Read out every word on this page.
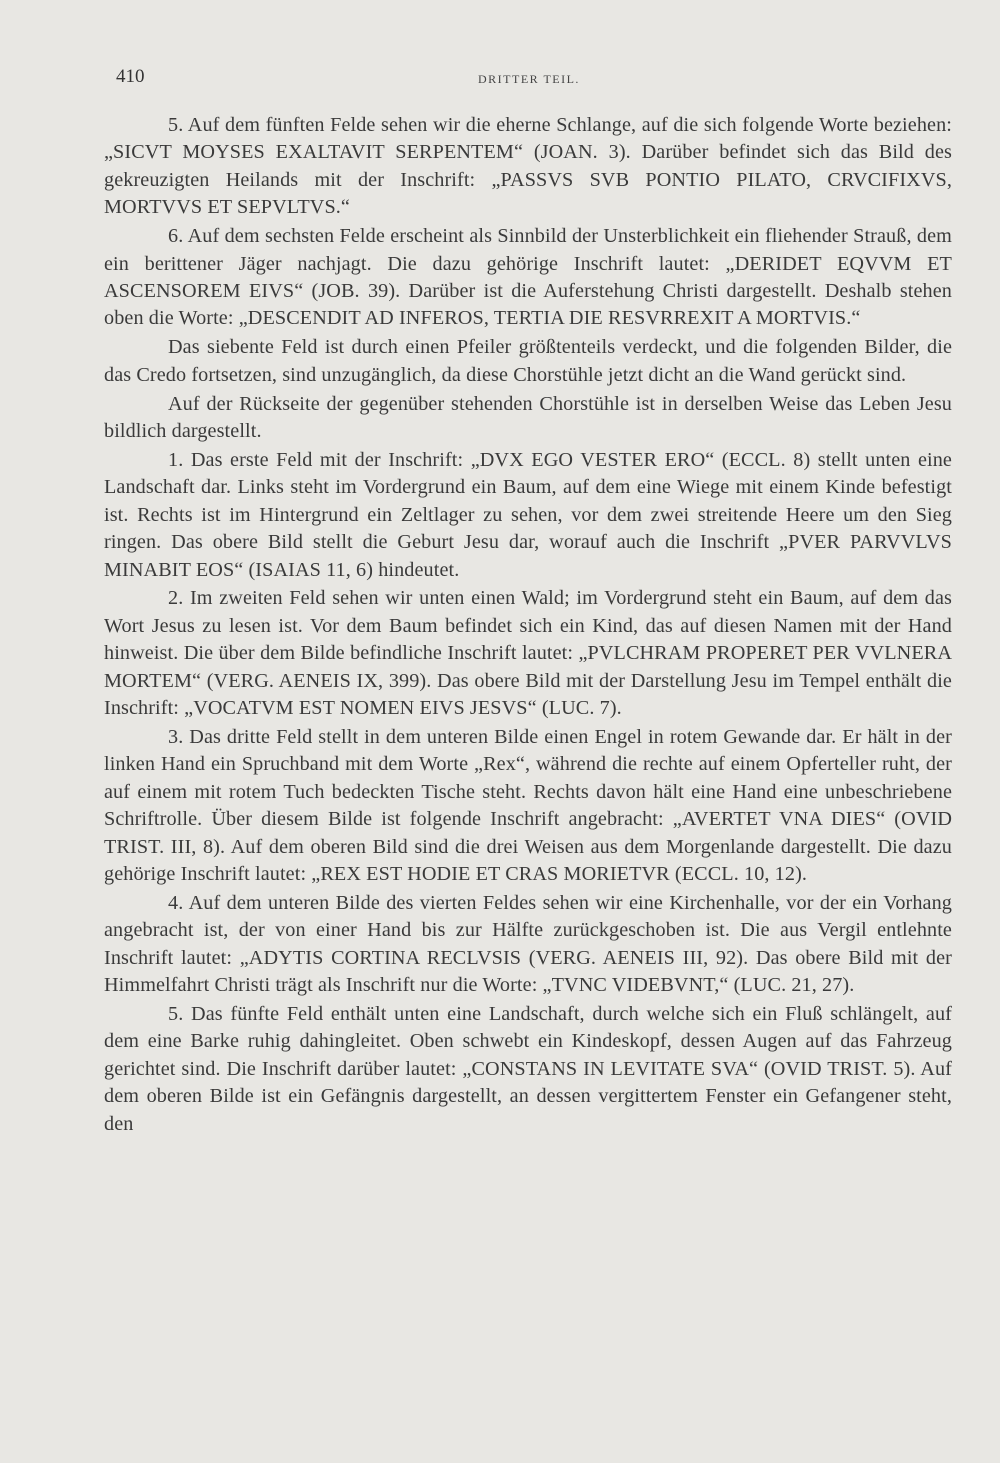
410	DRITTER TEIL.

5. Auf dem fünften Felde sehen wir die eherne Schlange, auf die sich folgende Worte beziehen: „SICVT MOYSES EXALTAVIT SERPENTEM“ (JOAN. 3). Darüber befindet sich das Bild des gekreuzigten Heilands mit der Inschrift: „PASSVS SVB PONTIO PILATO, CRVCIFIXVS, MORTVVS ET SEPVLTVS.“

6. Auf dem sechsten Felde erscheint als Sinnbild der Unsterblichkeit ein fliehender Strauß, dem ein berittener Jäger nachjagt. Die dazu gehörige Inschrift lautet: „DERIDET EQVVM ET ASCENSOREM EIVS“ (JOB. 39). Darüber ist die Auferstehung Christi dargestellt. Deshalb stehen oben die Worte: „DESCENDIT AD INFEROS, TERTIA DIE RESVRREXIT A MORTVIS.“

Das siebente Feld ist durch einen Pfeiler größtenteils verdeckt, und die folgenden Bilder, die das Credo fortsetzen, sind unzugänglich, da diese Chorstühle jetzt dicht an die Wand gerückt sind.

Auf der Rückseite der gegenüber stehenden Chorstühle ist in derselben Weise das Leben Jesu bildlich dargestellt.

1. Das erste Feld mit der Inschrift: „DVX EGO VESTER ERO“ (ECCL. 8) stellt unten eine Landschaft dar. Links steht im Vordergrund ein Baum, auf dem eine Wiege mit einem Kinde befestigt ist. Rechts ist im Hintergrund ein Zeltlager zu sehen, vor dem zwei streitende Heere um den Sieg ringen. Das obere Bild stellt die Geburt Jesu dar, worauf auch die Inschrift „PVER PARVVLVS MINABIT EOS“ (ISAIAS 11, 6) hindeutet.

2. Im zweiten Feld sehen wir unten einen Wald; im Vordergrund steht ein Baum, auf dem das Wort Jesus zu lesen ist. Vor dem Baum befindet sich ein Kind, das auf diesen Namen mit der Hand hinweist. Die über dem Bilde befindliche Inschrift lautet: „PVLCHRAM PROPERET PER VVLNERA MORTEM“ (VERG. AENEIS IX, 399). Das obere Bild mit der Darstellung Jesu im Tempel enthält die Inschrift: „VOCATVM EST NOMEN EIVS JESVS“ (LUC. 7).

3. Das dritte Feld stellt in dem unteren Bilde einen Engel in rotem Gewande dar. Er hält in der linken Hand ein Spruchband mit dem Worte „Rex“, während die rechte auf einem Opferteller ruht, der auf einem mit rotem Tuch bedeckten Tische steht. Rechts davon hält eine Hand eine unbeschriebene Schriftrolle. Über diesem Bilde ist folgende Inschrift angebracht: „AVERTET VNA DIES“ (OVID TRIST. III, 8). Auf dem oberen Bild sind die drei Weisen aus dem Morgenlande dargestellt. Die dazu gehörige Inschrift lautet: „REX EST HODIE ET CRAS MORIETVR (ECCL. 10, 12).

4. Auf dem unteren Bilde des vierten Feldes sehen wir eine Kirchenhalle, vor der ein Vorhang angebracht ist, der von einer Hand bis zur Hälfte zurückgeschoben ist. Die aus Vergil entlehnte Inschrift lautet: „ADYTIS CORTINA RECLVSIS (VERG. AENEIS III, 92). Das obere Bild mit der Himmelfahrt Christi trägt als Inschrift nur die Worte: „TVNC VIDEBVNT,“ (LUC. 21, 27).

5. Das fünfte Feld enthält unten eine Landschaft, durch welche sich ein Fluß schlängelt, auf dem eine Barke ruhig dahingleitet. Oben schwebt ein Kindeskopf, dessen Augen auf das Fahrzeug gerichtet sind. Die Inschrift darüber lautet: „CONSTANS IN LEVITATE SVA“ (OVID TRIST. 5). Auf dem oberen Bilde ist ein Gefängnis dargestellt, an dessen vergittertem Fenster ein Gefangener steht, den
